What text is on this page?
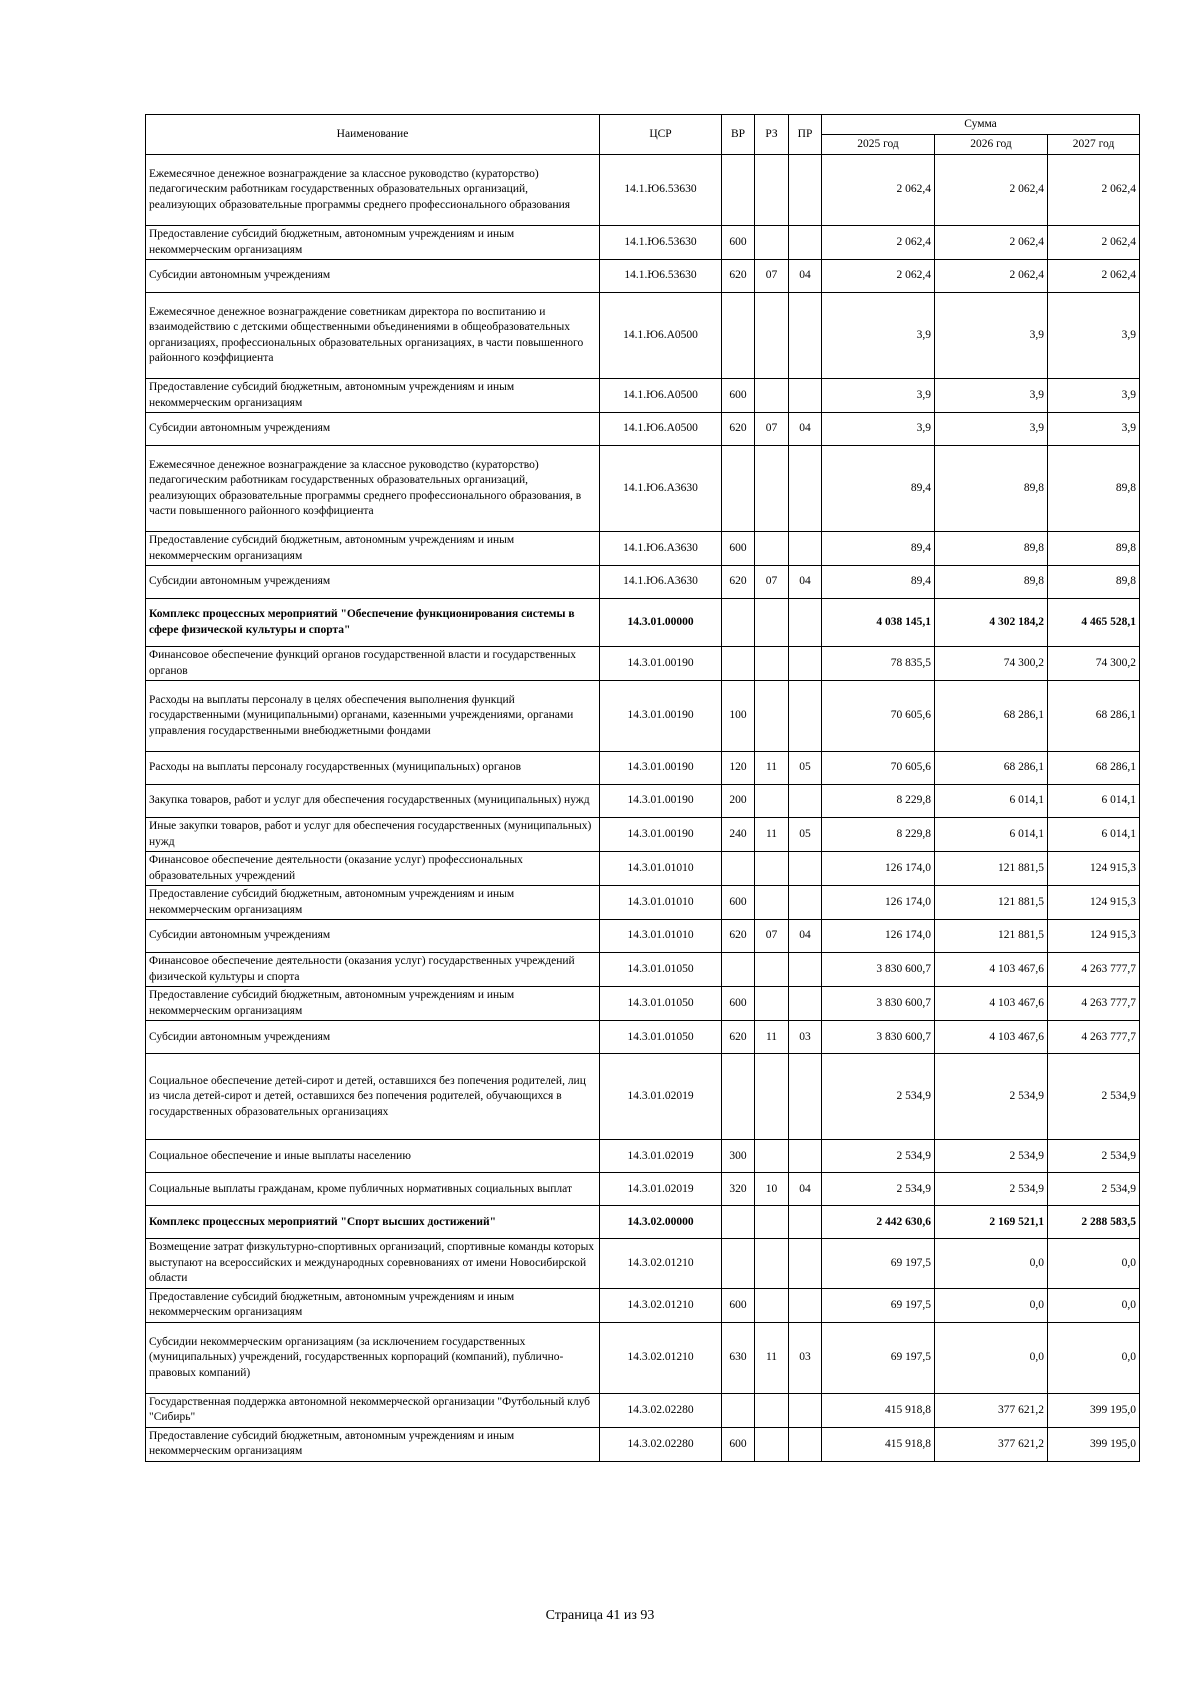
Наименование	ЦСР	ВР	РЗ	ПР	Сумма		
					2025 год	2026 год	2027 год
Ежемесячное денежное вознаграждение за классное руководство (кураторство) педагогическим работникам государственных образовательных организаций, реализующих образовательные программы среднего профессионального образования	14.1.Ю6.53630				2 062,4	2 062,4	2 062,4
Предоставление субсидий бюджетным, автономным учреждениям и иным некоммерческим организациям	14.1.Ю6.53630	600			2 062,4	2 062,4	2 062,4
Субсидии автономным учреждениям	14.1.Ю6.53630	620	07	04	2 062,4	2 062,4	2 062,4
Ежемесячное денежное вознаграждение советникам директора по воспитанию и взаимодействию с детскими общественными объединениями в общеобразовательных организациях, профессиональных образовательных организациях, в части повышенного районного коэффициента	14.1.Ю6.А0500				3,9	3,9	3,9
Предоставление субсидий бюджетным, автономным учреждениям и иным некоммерческим организациям	14.1.Ю6.А0500	600			3,9	3,9	3,9
Субсидии автономным учреждениям	14.1.Ю6.А0500	620	07	04	3,9	3,9	3,9
Ежемесячное денежное вознаграждение за классное руководство (кураторство) педагогическим работникам государственных образовательных организаций, реализующих образовательные программы среднего профессионального образования, в части повышенного районного коэффициента	14.1.Ю6.А3630				89,4	89,8	89,8
Предоставление субсидий бюджетным, автономным учреждениям и иным некоммерческим организациям	14.1.Ю6.А3630	600			89,4	89,8	89,8
Субсидии автономным учреждениям	14.1.Ю6.А3630	620	07	04	89,4	89,8	89,8
Комплекс процессных мероприятий "Обеспечение функционирования системы в сфере физической культуры и спорта"	14.3.01.00000				4 038 145,1	4 302 184,2	4 465 528,1
Финансовое обеспечение функций органов государственной власти и государственных органов	14.3.01.00190				78 835,5	74 300,2	74 300,2
Расходы на выплаты персоналу в целях обеспечения выполнения функций государственными (муниципальными) органами, казенными учреждениями, органами управления государственными внебюджетными фондами	14.3.01.00190	100			70 605,6	68 286,1	68 286,1
Расходы на выплаты персоналу государственных (муниципальных) органов	14.3.01.00190	120	11	05	70 605,6	68 286,1	68 286,1
Закупка товаров, работ и услуг для обеспечения государственных (муниципальных) нужд	14.3.01.00190	200			8 229,8	6 014,1	6 014,1
Иные закупки товаров, работ и услуг для обеспечения государственных (муниципальных) нужд	14.3.01.00190	240	11	05	8 229,8	6 014,1	6 014,1
Финансовое обеспечение деятельности (оказание услуг) профессиональных образовательных учреждений	14.3.01.01010				126 174,0	121 881,5	124 915,3
Предоставление субсидий бюджетным, автономным учреждениям и иным некоммерческим организациям	14.3.01.01010	600			126 174,0	121 881,5	124 915,3
Субсидии автономным учреждениям	14.3.01.01010	620	07	04	126 174,0	121 881,5	124 915,3
Финансовое обеспечение деятельности (оказания услуг) государственных учреждений физической культуры и спорта	14.3.01.01050				3 830 600,7	4 103 467,6	4 263 777,7
Предоставление субсидий бюджетным, автономным учреждениям и иным некоммерческим организациям	14.3.01.01050	600			3 830 600,7	4 103 467,6	4 263 777,7
Субсидии автономным учреждениям	14.3.01.01050	620	11	03	3 830 600,7	4 103 467,6	4 263 777,7
Социальное обеспечение детей-сирот и детей, оставшихся без попечения родителей, лиц из числа детей-сирот и детей, оставшихся без попечения родителей, обучающихся в государственных образовательных организациях	14.3.01.02019				2 534,9	2 534,9	2 534,9
Социальное обеспечение и иные выплаты населению	14.3.01.02019	300			2 534,9	2 534,9	2 534,9
Социальные выплаты гражданам, кроме публичных нормативных социальных выплат	14.3.01.02019	320	10	04	2 534,9	2 534,9	2 534,9
Комплекс процессных мероприятий "Спорт высших достижений"	14.3.02.00000				2 442 630,6	2 169 521,1	2 288 583,5
Возмещение затрат физкультурно-спортивных организаций, спортивные команды которых выступают на всероссийских и международных соревнованиях от имени Новосибирской области	14.3.02.01210				69 197,5	0,0	0,0
Предоставление субсидий бюджетным, автономным учреждениям и иным некоммерческим организациям	14.3.02.01210	600			69 197,5	0,0	0,0
Субсидии некоммерческим организациям (за исключением государственных (муниципальных) учреждений, государственных корпораций (компаний), публично-правовых компаний)	14.3.02.01210	630	11	03	69 197,5	0,0	0,0
Государственная поддержка автономной некоммерческой организации "Футбольный клуб "Сибирь"	14.3.02.02280				415 918,8	377 621,2	399 195,0
Предоставление субсидий бюджетным, автономным учреждениям и иным некоммерческим организациям	14.3.02.02280	600			415 918,8	377 621,2	399 195,0
Страница 41 из 93
